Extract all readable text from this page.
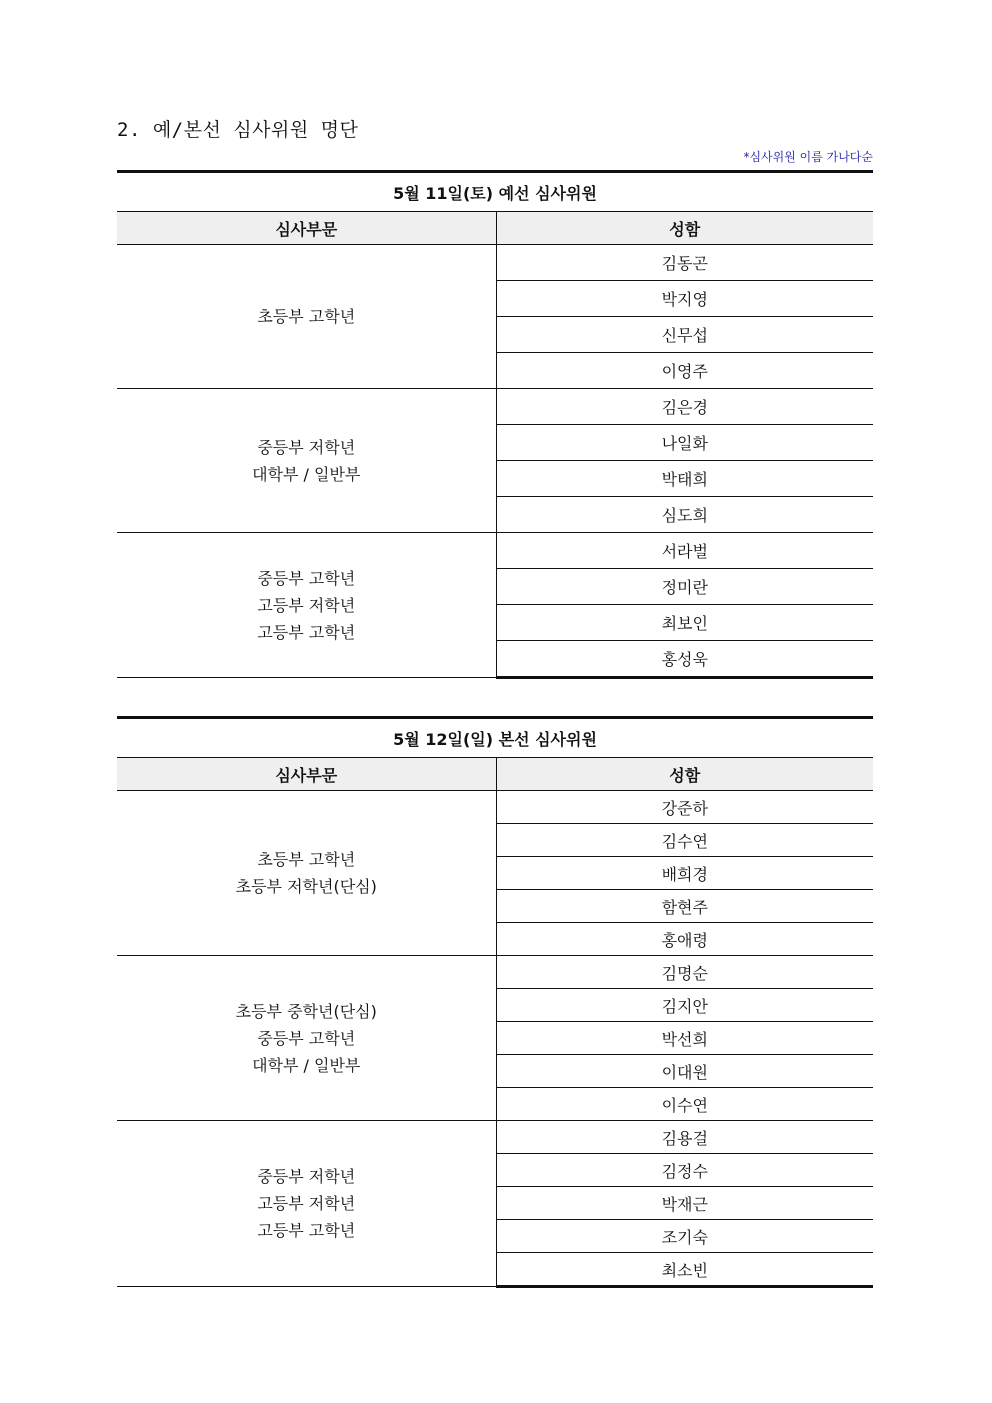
2. 예/본선 심사위원 명단
*심사위원 이름 가나다순
5월 11일(토) 예선 심사위원	
심사부문	성함

초등부 고학년	김동곤
	박지영
	신무섭
	이영주

중등부 저학년
대학부 / 일반부	김은경
	나일화
	박태희
	심도희

중등부 고학년
고등부 저학년
고등부 고학년	서라벌
	정미란
	최보인
	홍성욱
5월 12일(일) 본선 심사위원	
심사부문	성함

초등부 고학년
초등부 저학년(단심)	강준하
	김수연
	배희경
	함현주
	홍애령

초등부 중학년(단심)
중등부 고학년
대학부 / 일반부	김명순
	김지안
	박선희
	이대원
	이수연

중등부 저학년
고등부 저학년
고등부 고학년	김용걸
	김정수
	박재근
	조기숙
	최소빈
